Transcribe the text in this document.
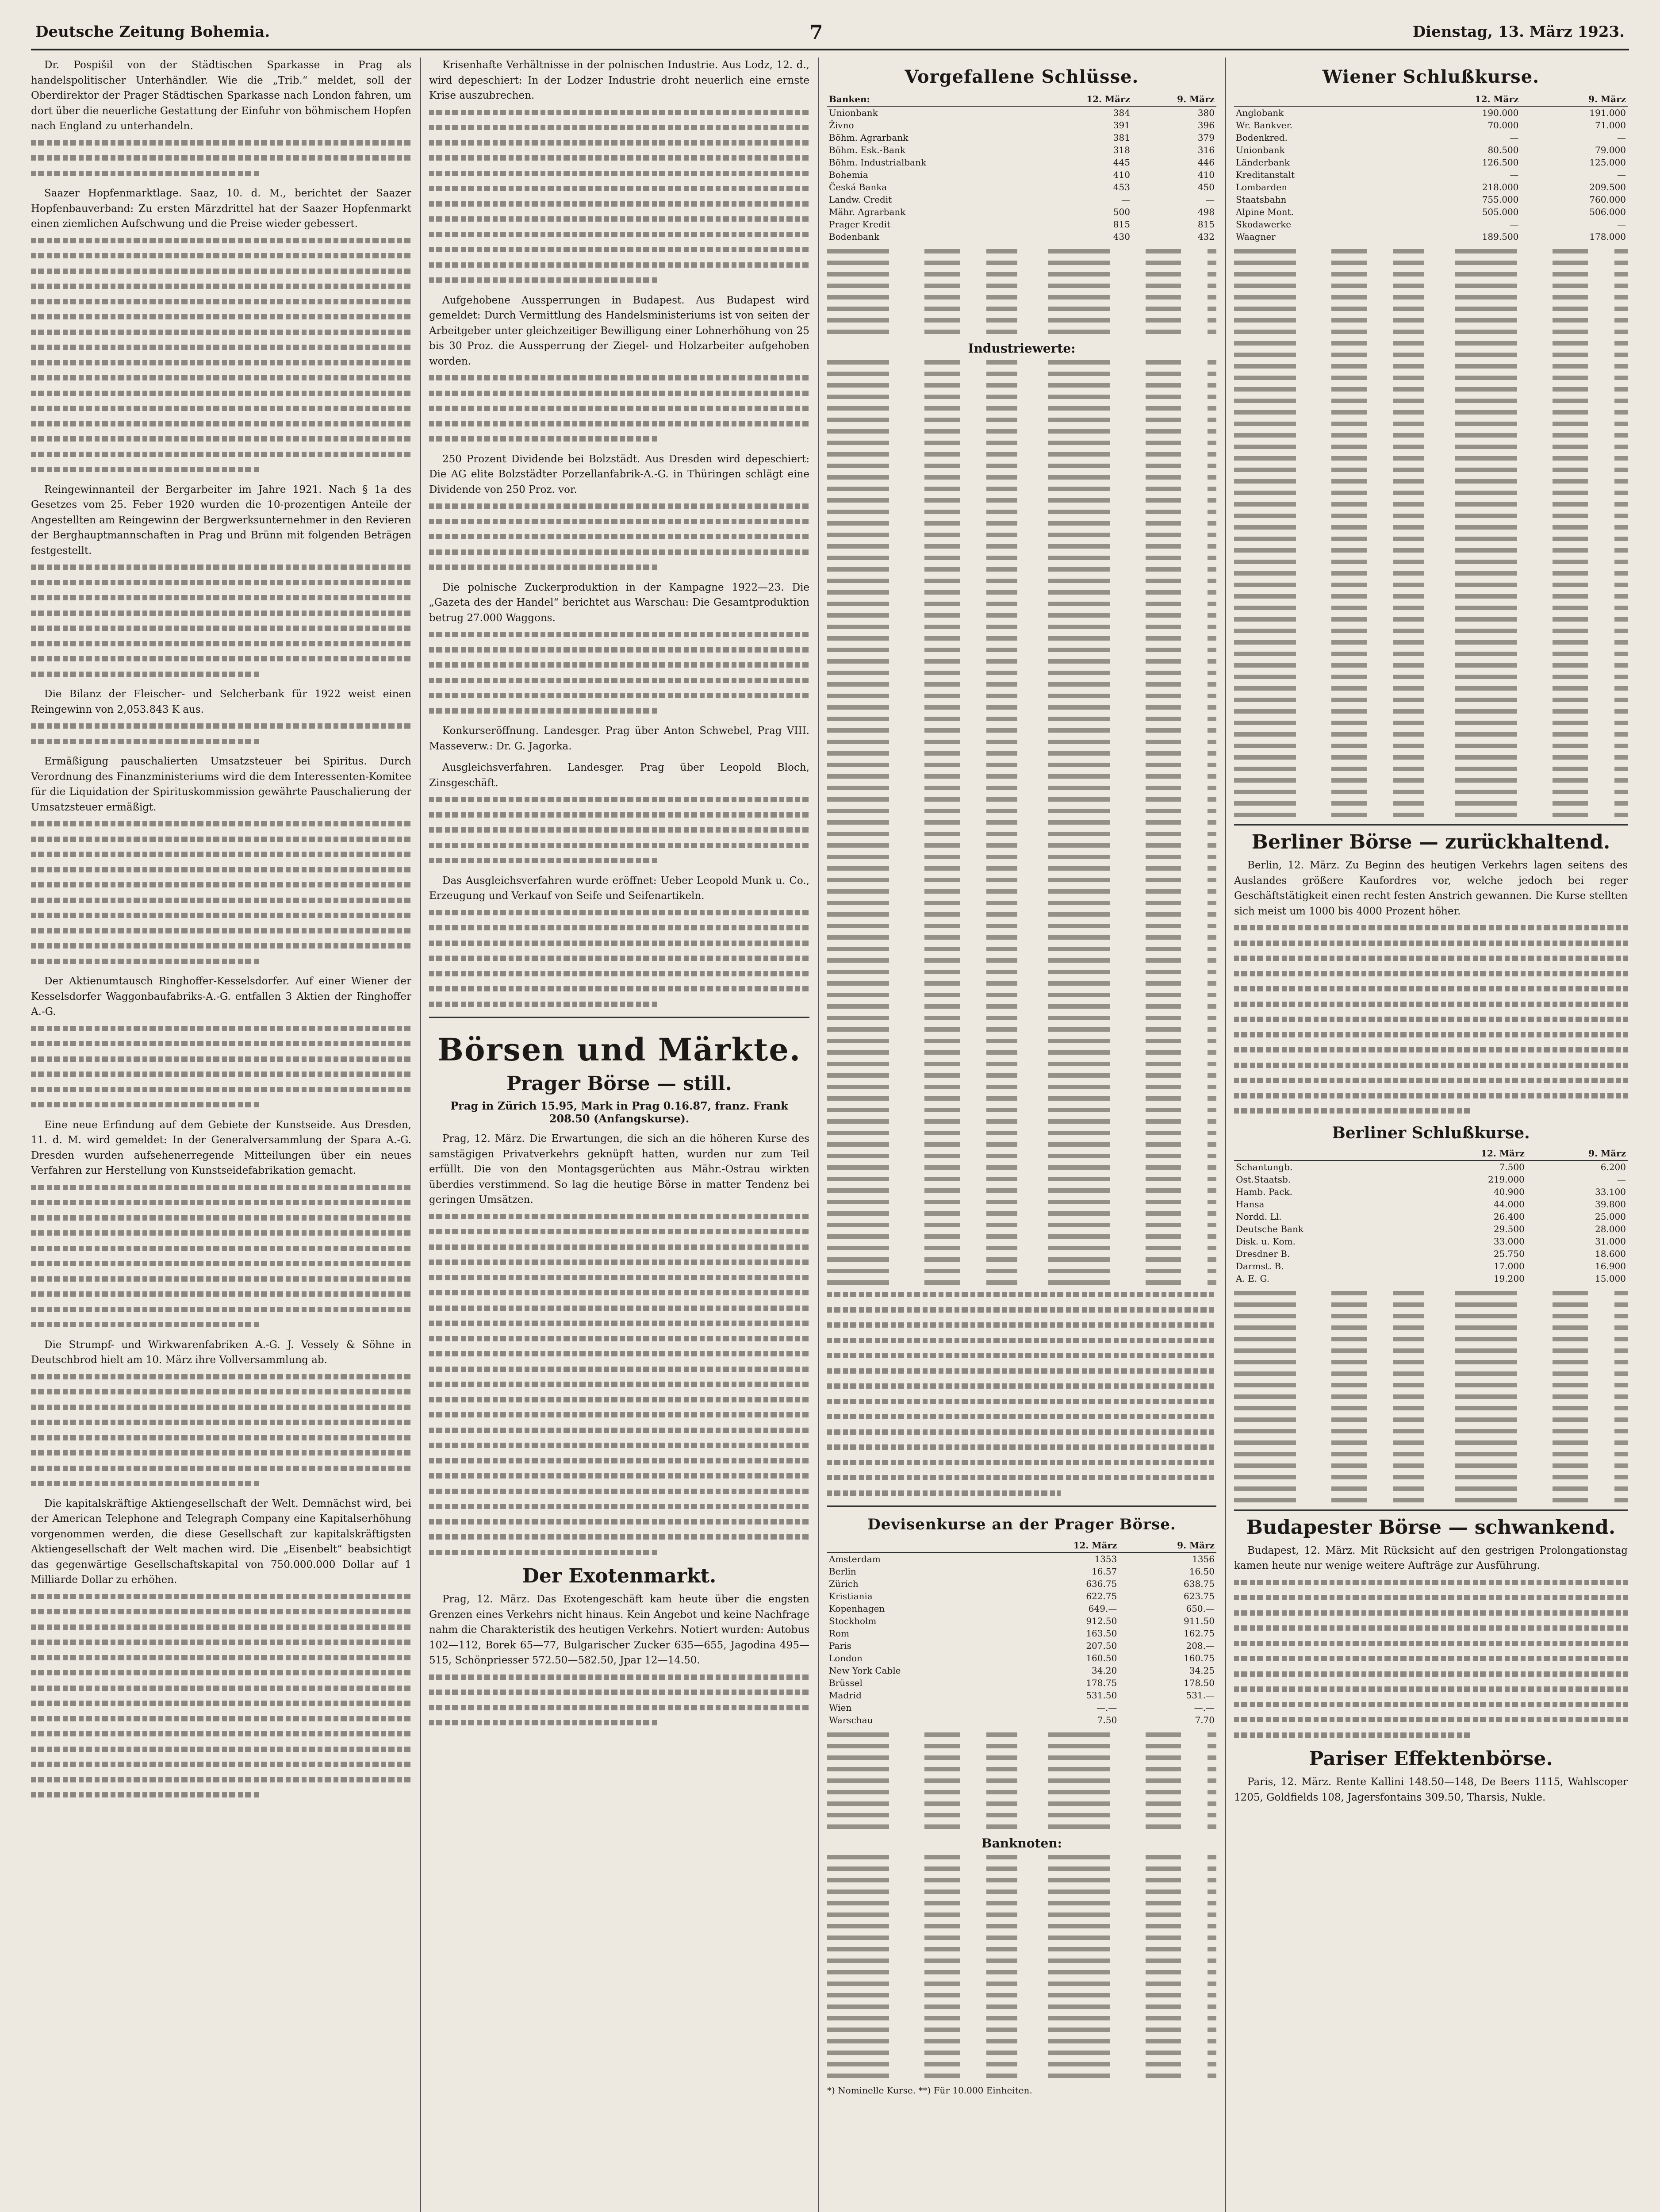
Deutsche Zeitung Bohemia.	7	Dienstag, 13. März 1923.

Dr. Pospišil von der Städtischen Sparkasse in Prag als handelspolitischer Unterhändler. Wie die „Trib.“ meldet, soll der Oberdirektor der Prager Städtischen Sparkasse nach London fahren, um dort über die neuerliche Gestattung der Einfuhr von böhmischem Hopfen nach England zu unterhandeln.

Saazer Hopfenmarktlage. Saaz, 10. d. M., berichtet der Saazer Hopfenbauverband: Zu ersten Märzdrittel hat der Saazer Hopfenmarkt einen ziemlichen Aufschwung und die Preise wieder gebessert.

Reingewinnanteil der Bergarbeiter im Jahre 1921. Nach § 1a des Gesetzes vom 25. Feber 1920 wurden die 10-prozentigen Anteile der Angestellten am Reingewinn der Bergwerksunternehmer in den Revieren der Berghauptmannschaften in Prag und Brünn mit folgenden Beträgen festgestellt.

Die Bilanz der Fleischer- und Selcherbank für 1922 weist einen Reingewinn von 2,053.843 K aus.

Ermäßigung pauschalierten Umsatzsteuer bei Spiritus. Durch Verordnung des Finanzministeriums wird die dem Interessenten-Komitee für die Liquidation der Spirituskommission gewährte Pauschalierung der Umsatzsteuer ermäßigt.

Der Aktienumtausch Ringhoffer-Kesselsdorfer. Auf einer Wiener der Kesselsdorfer Waggonbaufabriks-A.-G. entfallen 3 Aktien der Ringhoffer A.-G.

Eine neue Erfindung auf dem Gebiete der Kunstseide. Aus Dresden, 11. d. M. wird gemeldet: In der Generalversammlung der Spara A.-G. Dresden wurden aufsehenerregende Mitteilungen über ein neues Verfahren zur Herstellung von Kunstseidefabrikation gemacht.

Die Strumpf- und Wirkwarenfabriken A.-G. J. Vessely & Söhne in Deutschbrod hielt am 10. März ihre Vollversammlung ab.

Die kapitalskräftige Aktiengesellschaft der Welt. Demnächst wird, bei der American Telephone and Telegraph Company eine Kapitalserhöhung vorgenommen werden, die diese Gesellschaft zur kapitalskräftigsten Aktiengesellschaft der Welt machen wird. Die „Eisenbelt“ beabsichtigt das gegenwärtige Gesellschaftskapital von 750.000.000 Dollar auf 1 Milliarde Dollar zu erhöhen.

Krisenhafte Verhältnisse in der polnischen Industrie. Aus Lodz, 12. d., wird depeschiert: In der Lodzer Industrie droht neuerlich eine ernste Krise auszubrechen.

Aufgehobene Aussperrungen in Budapest. Aus Budapest wird gemeldet: Durch Vermittlung des Handelsministeriums ist von seiten der Arbeitgeber unter gleichzeitiger Bewilligung einer Lohnerhöhung von 25 bis 30 Proz. die Aussperrung der Ziegel- und Holzarbeiter aufgehoben worden.

250 Prozent Dividende bei Bolzstädt. Aus Dresden wird depeschiert: Die AG elite Bolzstädter Porzellanfabrik-A.-G. in Thüringen schlägt eine Dividende von 250 Proz. vor.

Die polnische Zuckerproduktion in der Kampagne 1922—23. Die „Gazeta des der Handel“ berichtet aus Warschau: Die Gesamtproduktion betrug 27.000 Waggons.

Konkurseröffnung. Landesger. Prag über Anton Schwebel, Prag VIII. Masseverw.: Dr. G. Jagorka.

Ausgleichsverfahren. Landesger. Prag über Leopold Bloch, Zinsgeschäft.

Das Ausgleichsverfahren wurde eröffnet: Ueber Leopold Munk u. Co., Erzeugung und Verkauf von Seife und Seifenartikeln.

Börsen und Märkte.
Prager Börse — still.
Prag in Zürich 15.95, Mark in Prag 0.16.87, franz. Frank 208.50 (Anfangskurse).

Prag, 12. März. Die Erwartungen, die sich an die höheren Kurse des samstägigen Privatverkehrs geknüpft hatten, wurden nur zum Teil erfüllt. Die von den Montagsgerüchten aus Mähr.-Ostrau wirkten überdies verstimmend. So lag die heutige Börse in matter Tendenz bei geringen Umsätzen.

Der Exotenmarkt.

Prag, 12. März. Das Exotengeschäft kam heute über die engsten Grenzen eines Verkehrs nicht hinaus. Kein Angebot und keine Nachfrage nahm die Charakteristik des heutigen Verkehrs. Notiert wurden: Autobus 102—112, Borek 65—77, Bulgarischer Zucker 635—655, Jagodina 495—515, Schönpriesser 572.50—582.50, Jpar 12—14.50.

Vorgefallene Schlüsse.
Banken:	12. März	9. März
Unionbank	384	380
Živno	391	396
Böhm. Agrarbank	381	379
Böhm. Esk.-Bank	318	316
Böhm. Industrialbank	445	446
Bohemia	410	410
Česká Banka	453	450
Landw. Credit	—	—
Mähr. Agrarbank	500	498
Prager Kredit	815	815
Bodenbank	430	432
Industriewerte:
Devisenkurse an der Prager Börse.
	12. März	9. März
Amsterdam	1353	1356
Berlin	16.57	16.50
Zürich	636.75	638.75
Kristiania	622.75	623.75
Kopenhagen	649.—	650.—
Stockholm	912.50	911.50
Rom	163.50	162.75
Paris	207.50	208.—
London	160.50	160.75
New York Cable	34.20	34.25
Brüssel	178.75	178.50
Madrid	531.50	531.—
Wien	—.—	—.—
Warschau	7.50	7.70
Banknoten:
*) Nominelle Kurse. **) Für 10.000 Einheiten.
Wiener Schlußkurse.
	12. März	9. März
Anglobank	190.000	191.000
Wr. Bankver.	70.000	71.000
Bodenkred.	—	—
Unionbank	80.500	79.000
Länderbank	126.500	125.000
Kreditanstalt	—	—
Lombarden	218.000	209.500
Staatsbahn	755.000	760.000
Alpine Mont.	505.000	506.000
Skodawerke	—	—
Waagner	189.500	178.000
Berliner Börse — zurückhaltend.

Berlin, 12. März. Zu Beginn des heutigen Verkehrs lagen seitens des Auslandes größere Kaufordres vor, welche jedoch bei reger Geschäftstätigkeit einen recht festen Anstrich gewannen. Die Kurse stellten sich meist um 1000 bis 4000 Prozent höher.

Berliner Schlußkurse.
	12. März	9. März
Schantungb.	7.500	6.200
Ost.Staatsb.	219.000	—
Hamb. Pack.	40.900	33.100
Hansa	44.000	39.800
Nordd. Ll.	26.400	25.000
Deutsche Bank	29.500	28.000
Disk. u. Kom.	33.000	31.000
Dresdner B.	25.750	18.600
Darmst. B.	17.000	16.900
A. E. G.	19.200	15.000
Budapester Börse — schwankend.

Budapest, 12. März. Mit Rücksicht auf den gestrigen Prolongationstag kamen heute nur wenige weitere Aufträge zur Ausführung.

Pariser Effektenbörse.

Paris, 12. März. Rente Kallini 148.50—148, De Beers 1115, Wahlscoper 1205, Goldfields 108, Jagersfontains 309.50, Tharsis, Nukle.
